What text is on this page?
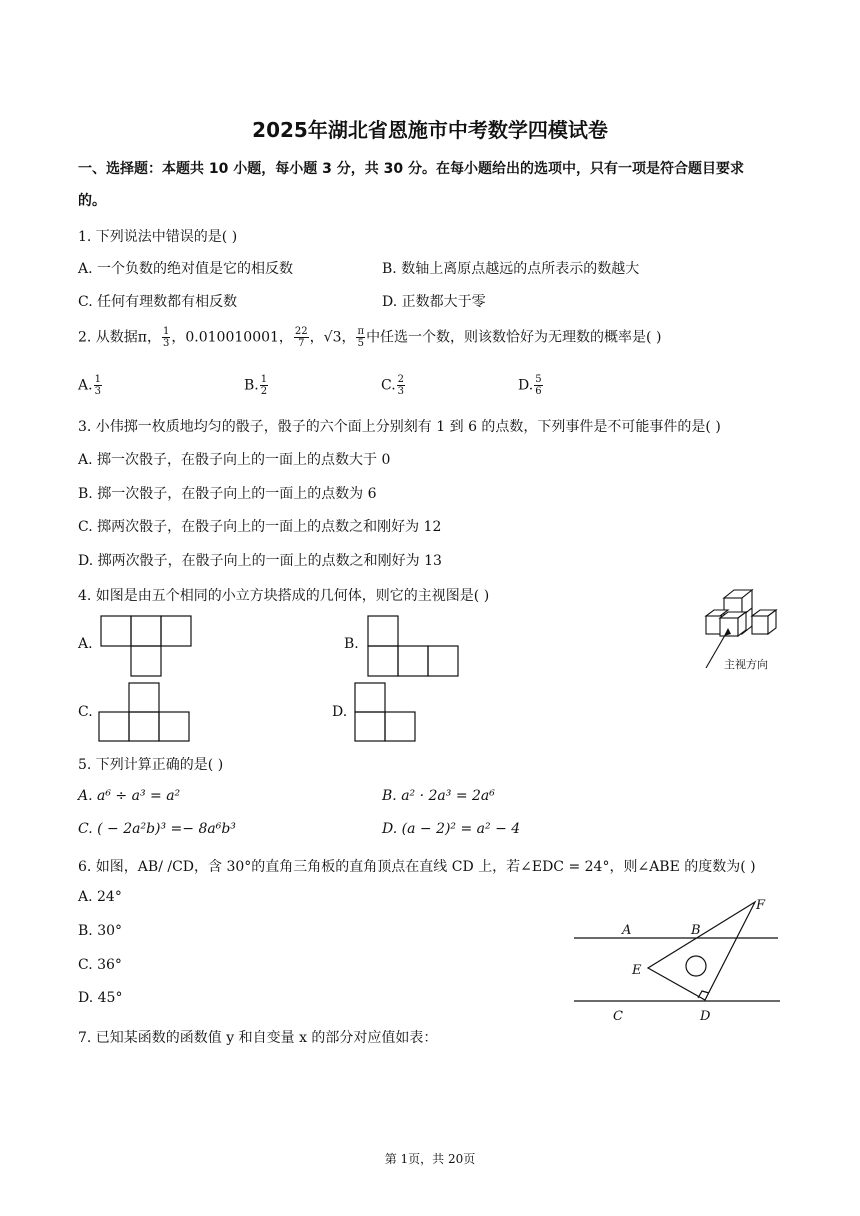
2025年湖北省恩施市中考数学四模试卷
一、选择题：本题共 10 小题，每小题 3 分，共 30 分。在每小题给出的选项中，只有一项是符合题目要求
的。
1. 下列说法中错误的是( )
A. 一个负数的绝对值是它的相反数	B. 数轴上离原点越远的点所表示的数越大
C. 任何有理数都有相反数	D. 正数都大于零
2. 从数据π， $\frac{1}{3}$ ，0.010010001， $\frac{22}{7}$ ，√3， $\frac{\pi}{5}$ 中任选一个数，则该数恰好为无理数的概率是( )
A. $\frac{1}{3}$	B. $\frac{1}{2}$	C. $\frac{2}{3}$	D. $\frac{5}{6}$
3. 小伟掷一枚质地均匀的骰子，骰子的六个面上分别刻有 1 到 6 的点数，下列事件是不可能事件的是( )
A. 掷一次骰子，在骰子向上的一面上的点数大于 0
B. 掷一次骰子，在骰子向上的一面上的点数为 6
C. 掷两次骰子，在骰子向上的一面上的点数之和刚好为 12
D. 掷两次骰子，在骰子向上的一面上的点数之和刚好为 13
4. 如图是由五个相同的小立方块搭成的几何体，则它的主视图是( )
A.	B.
C.	D.
主视方向
5. 下列计算正确的是( )
A. a⁶ ÷ a³ = a²	B. a² · 2a³ = 2a⁶
C. ( − 2a²b)³ =− 8a⁶b³	D. (a − 2)² = a² − 4
6. 如图，AB/ /CD，含 30°的直角三角板的直角顶点在直线 CD 上，若∠EDC = 24°，则∠ABE 的度数为( )
A. 24°
B. 30°
C. 36°
D. 45°
A	B
C	D
E
F
7. 已知某函数的函数值 y 和自变量 x 的部分对应值如表：
第 1页，共 20页
